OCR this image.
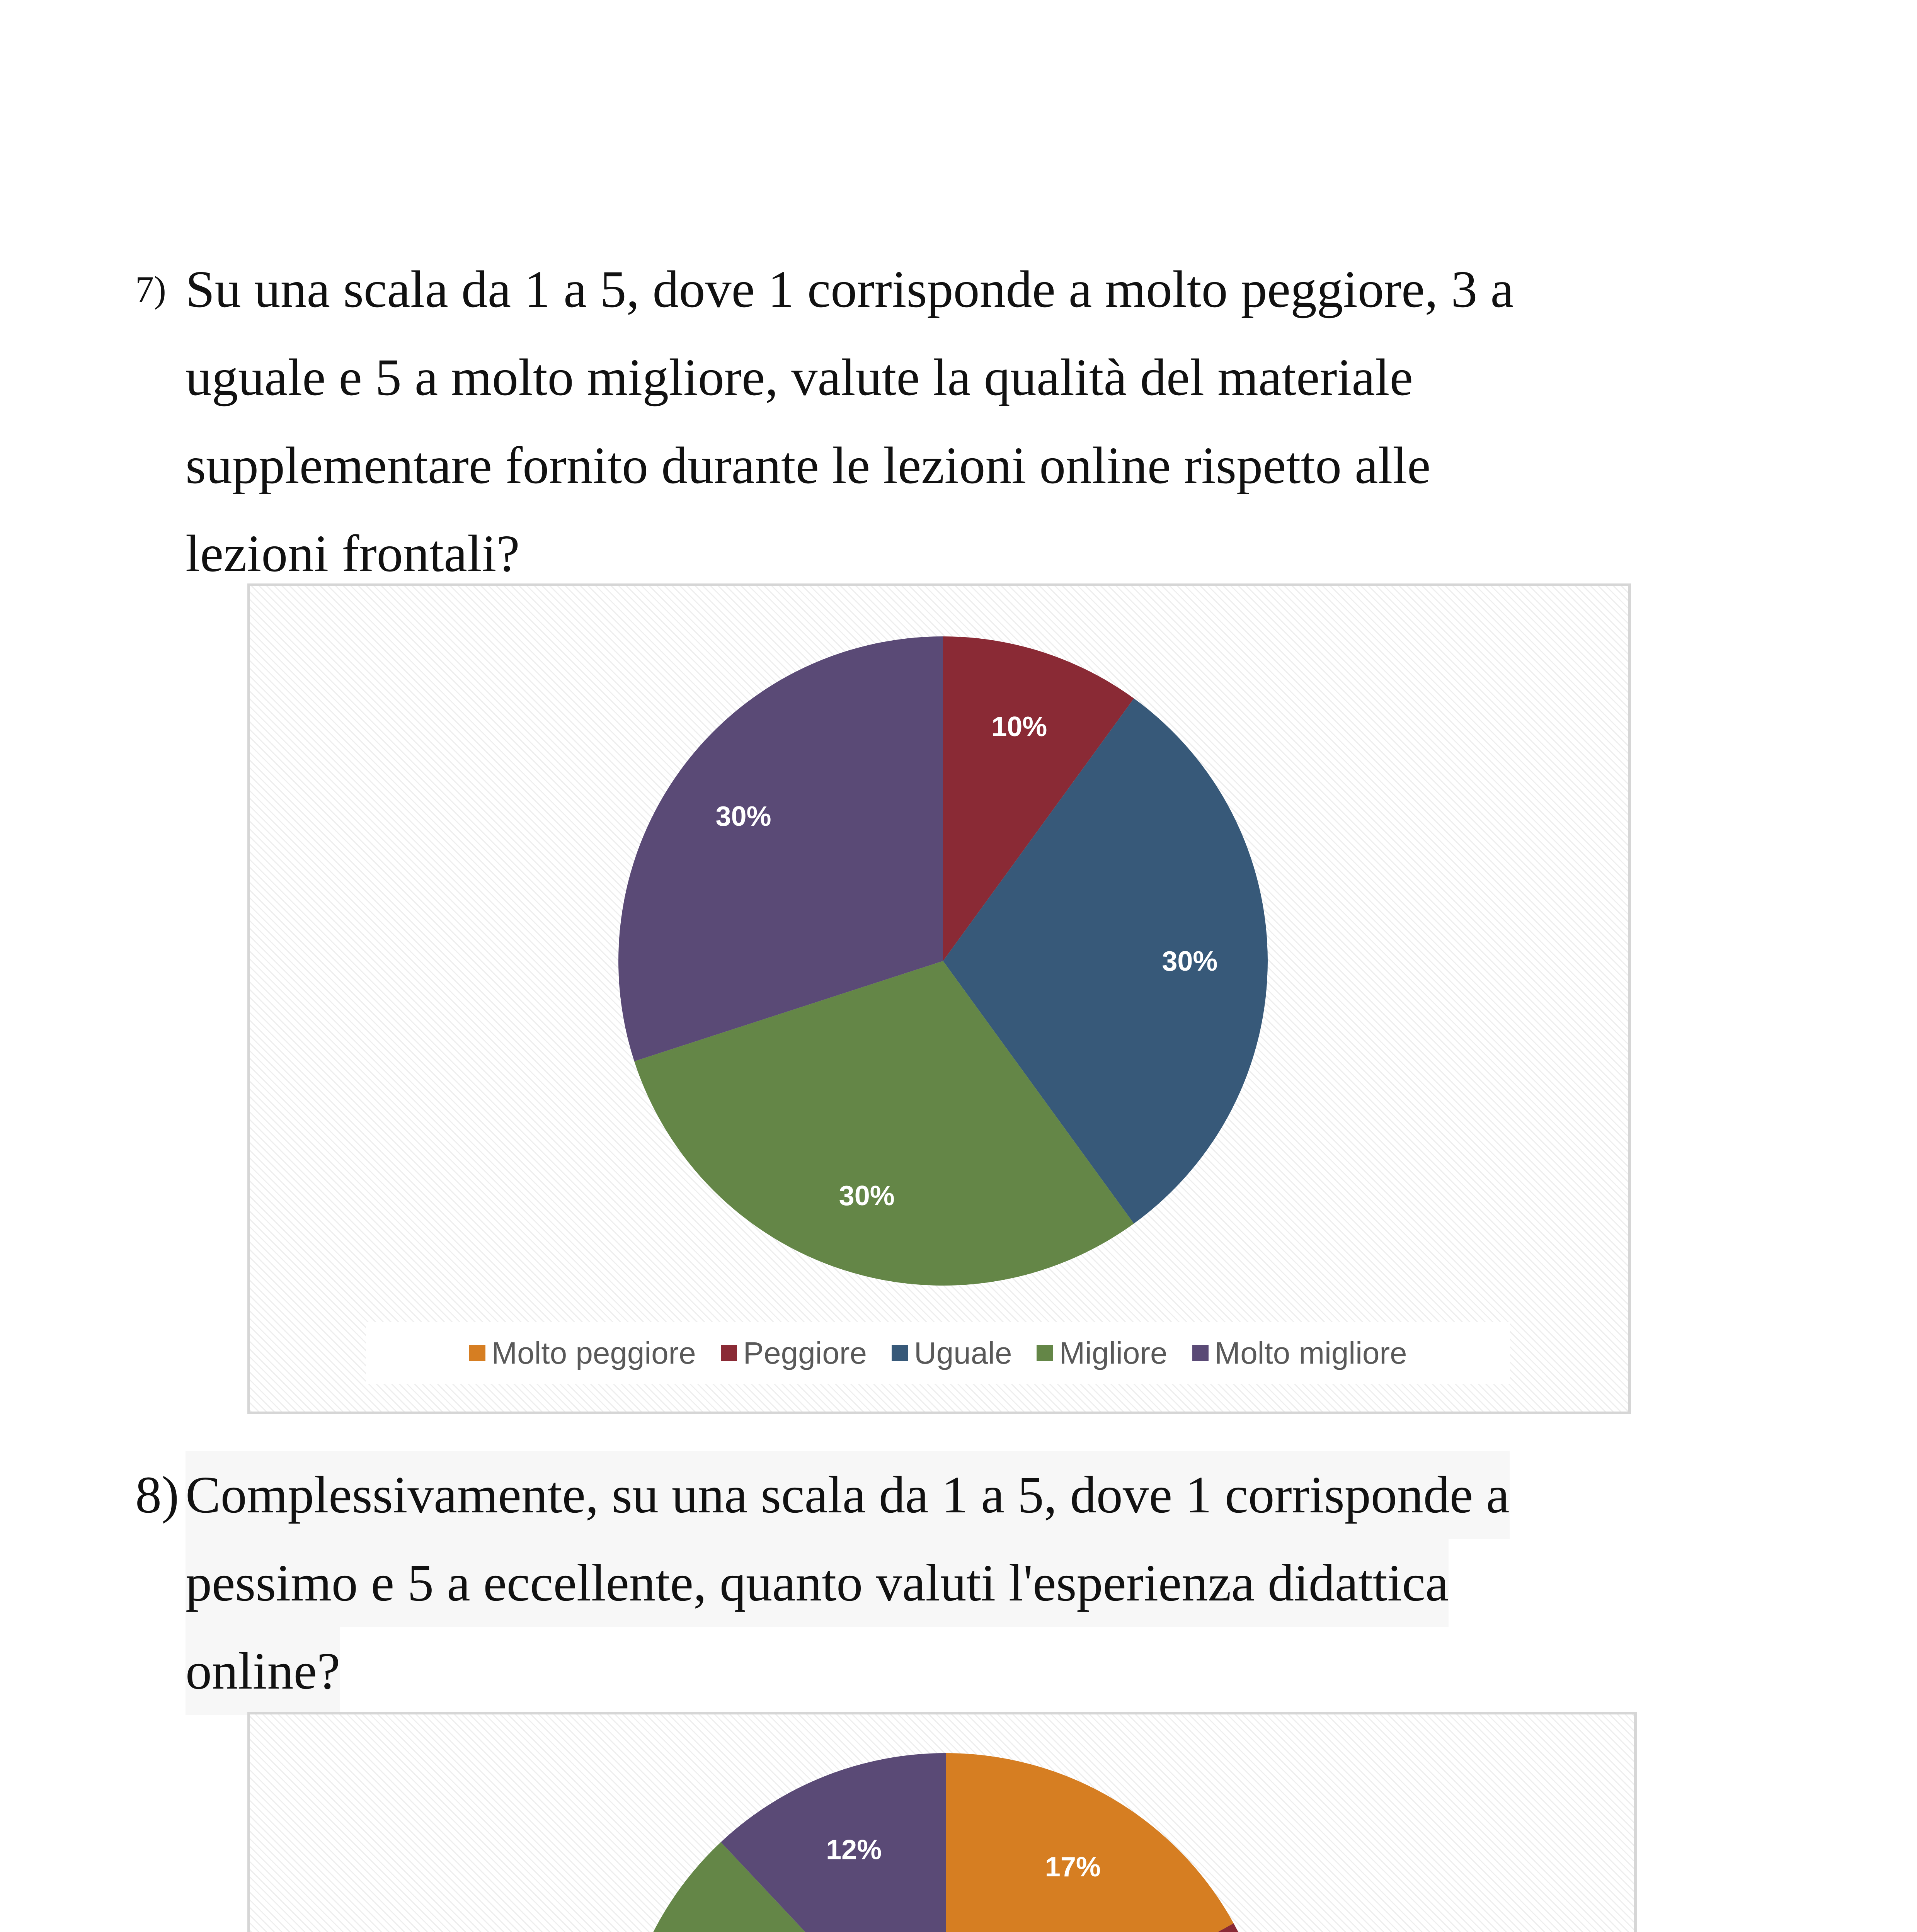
7) Su una scala da 1 a 5, dove 1 corrisponde a molto peggiore, 3 a
uguale e 5 a molto migliore, valute la qualità del materiale
supplementare fornito durante le lezioni online rispetto alle
lezioni frontali?
10%
30%
30%
30%
Molto peggiore Peggiore Uguale Migliore Molto migliore
8) Complessivamente, su una scala da 1 a 5, dove 1 corrisponde a
pessimo e 5 a eccellente, quanto valuti l'esperienza didattica
online?
17%
12%
